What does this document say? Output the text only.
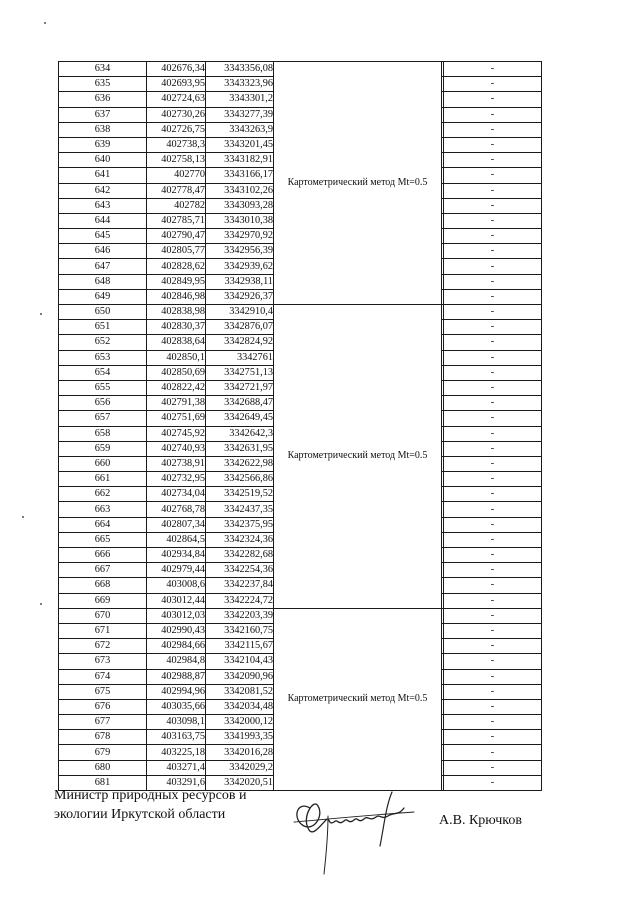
634	402676,34	3343356,08	Картометрический метод Mt=0.5		-
635	402693,95	3343323,96			-
636	402724,63	3343301,2			-
637	402730,26	3343277,39			-
638	402726,75	3343263,9			-
639	402738,3	3343201,45			-
640	402758,13	3343182,91			-
641	402770	3343166,17			-
642	402778,47	3343102,26			-
643	402782	3343093,28			-
644	402785,71	3343010,38			-
645	402790,47	3342970,92			-
646	402805,77	3342956,39			-
647	402828,62	3342939,62			-
648	402849,95	3342938,11			-
649	402846,98	3342926,37			-
650	402838,98	3342910,4	Картометрический метод Mt=0.5		-
651	402830,37	3342876,07			-
652	402838,64	3342824,92			-
653	402850,1	3342761			-
654	402850,69	3342751,13			-
655	402822,42	3342721,97			-
656	402791,38	3342688,47			-
657	402751,69	3342649,45			-
658	402745,92	3342642,3			-
659	402740,93	3342631,95			-
660	402738,91	3342622,98			-
661	402732,95	3342566,86			-
662	402734,04	3342519,52			-
663	402768,78	3342437,35			-
664	402807,34	3342375,95			-
665	402864,5	3342324,36			-
666	402934,84	3342282,68			-
667	402979,44	3342254,36			-
668	403008,6	3342237,84			-
669	403012,44	3342224,72			-
670	403012,03	3342203,39	Картометрический метод Mt=0.5		-
671	402990,43	3342160,75			-
672	402984,66	3342115,67			-
673	402984,8	3342104,43			-
674	402988,87	3342090,96			-
675	402994,96	3342081,52			-
676	403035,66	3342034,48			-
677	403098,1	3342000,12			-
678	403163,75	3341993,35			-
679	403225,18	3342016,28			-
680	403271,4	3342029,2			-
681	403291,6	3342020,51			-
Министр природных ресурсов и
экологии Иркутской области	А.В. Крючков
